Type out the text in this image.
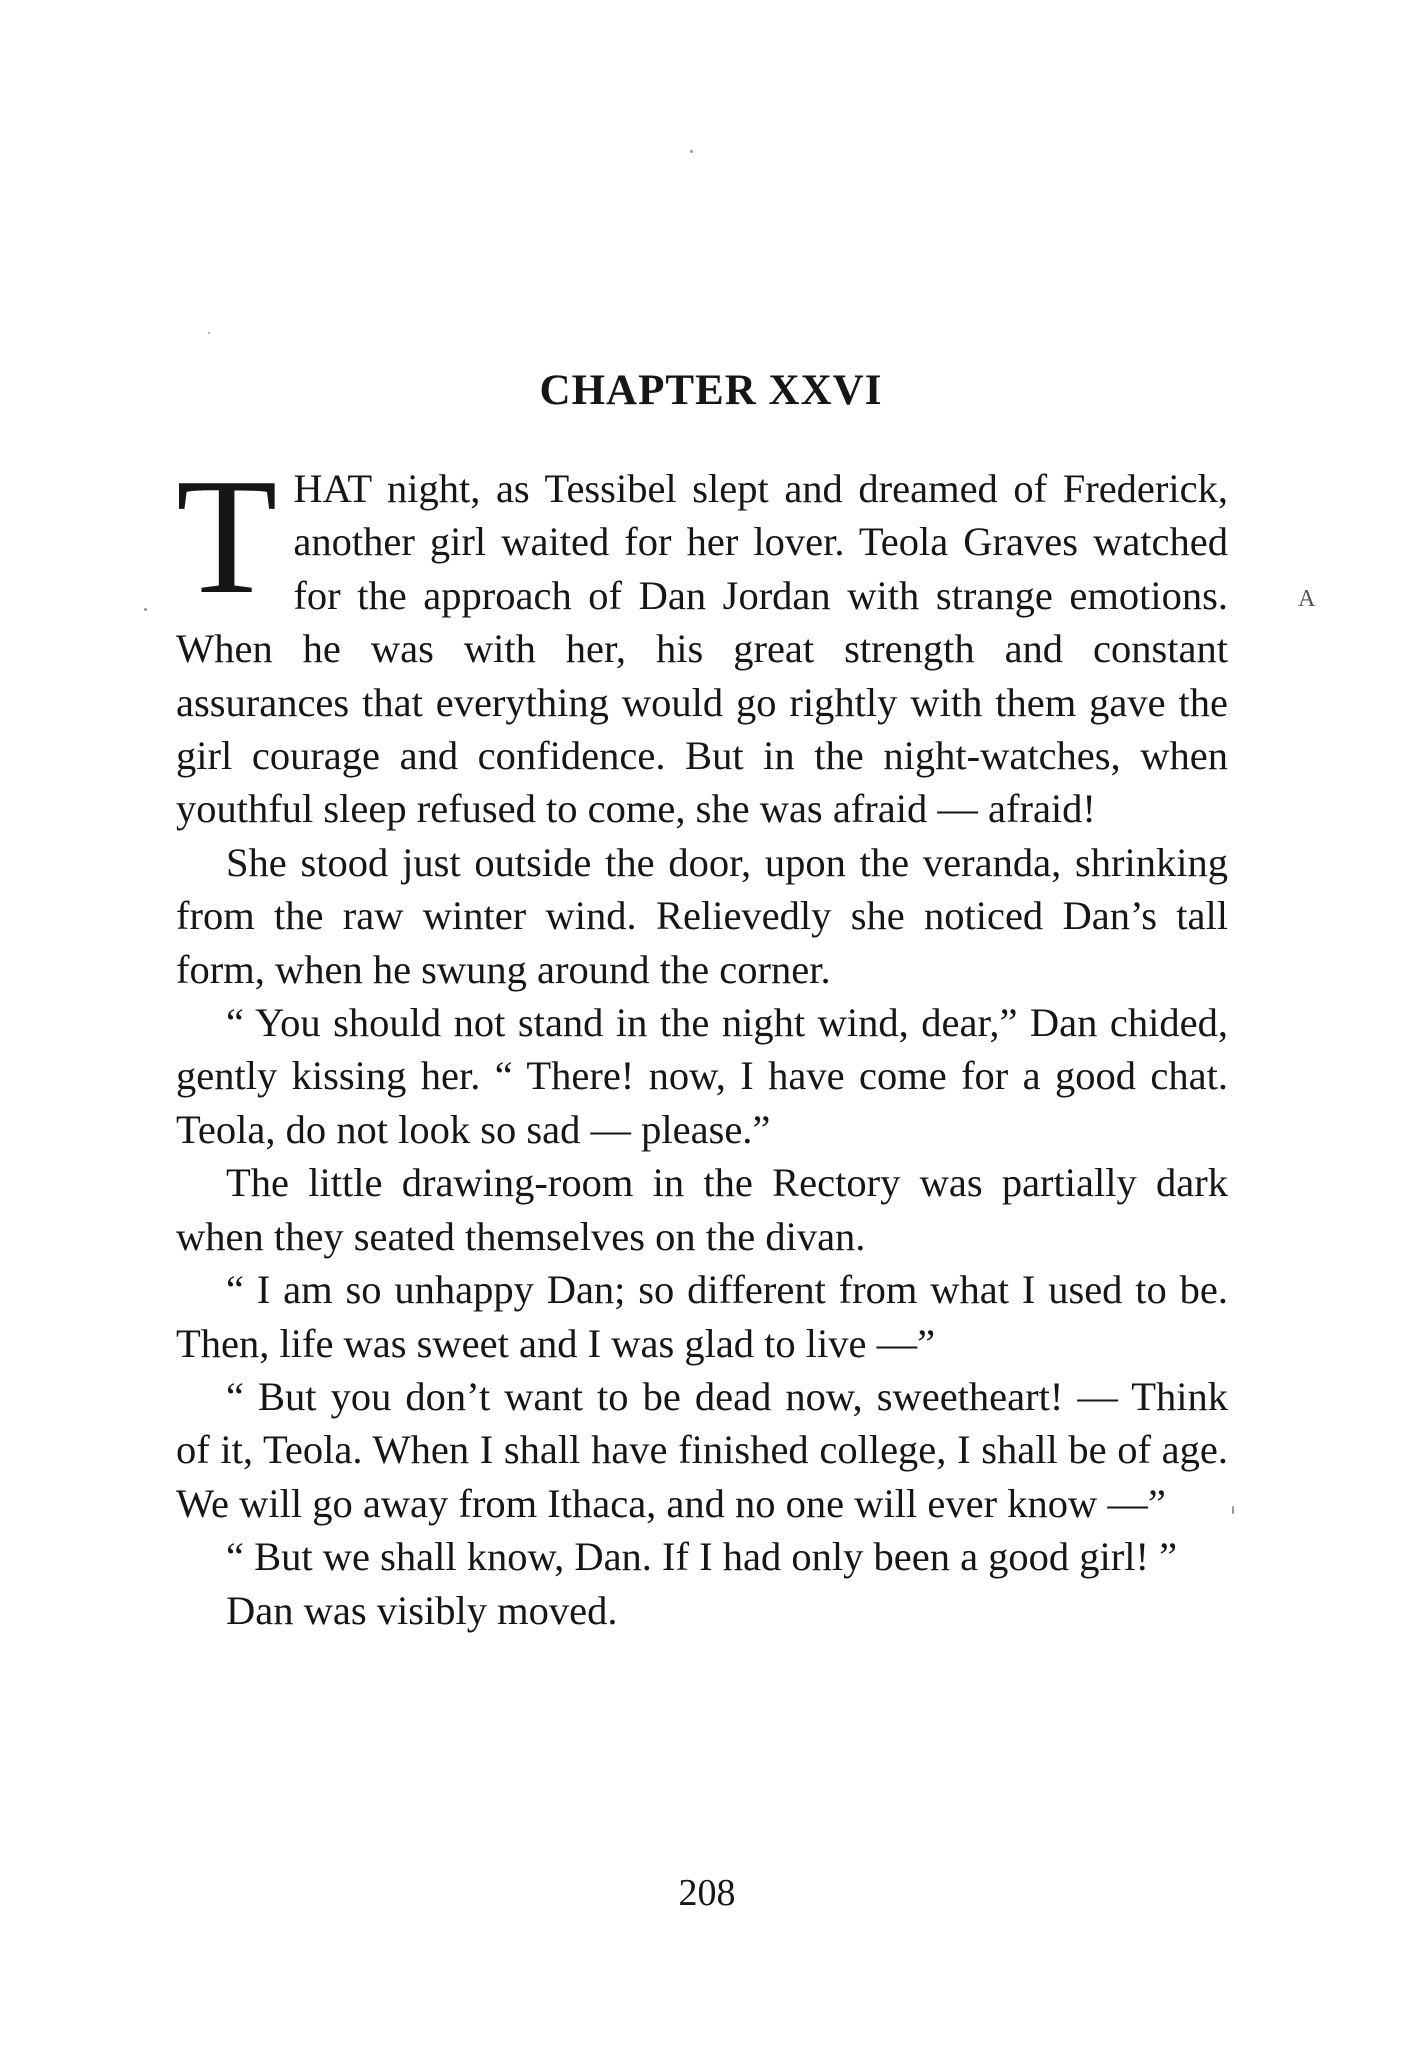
CHAPTER XXVI

THAT night, as Tessibel slept and dreamed of Frederick, another girl waited for her lover. Teola Graves watched for the approach of Dan Jordan with strange emotions. When he was with her, his great strength and constant assurances that everything would go rightly with them gave the girl courage and confidence. But in the night-watches, when youthful sleep refused to come, she was afraid — afraid!

She stood just outside the door, upon the veranda, shrinking from the raw winter wind. Relievedly she noticed Dan’s tall form, when he swung around the corner.

“ You should not stand in the night wind, dear,” Dan chided, gently kissing her. “ There! now, I have come for a good chat. Teola, do not look so sad — please.”

The little drawing-room in the Rectory was partially dark when they seated themselves on the divan.

“ I am so unhappy Dan; so different from what I used to be. Then, life was sweet and I was glad to live —”

“ But you don’t want to be dead now, sweetheart! — Think of it, Teola. When I shall have finished college, I shall be of age. We will go away from Ithaca, and no one will ever know —”

“ But we shall know, Dan. If I had only been a good girl! ”

Dan was visibly moved.

A

208
